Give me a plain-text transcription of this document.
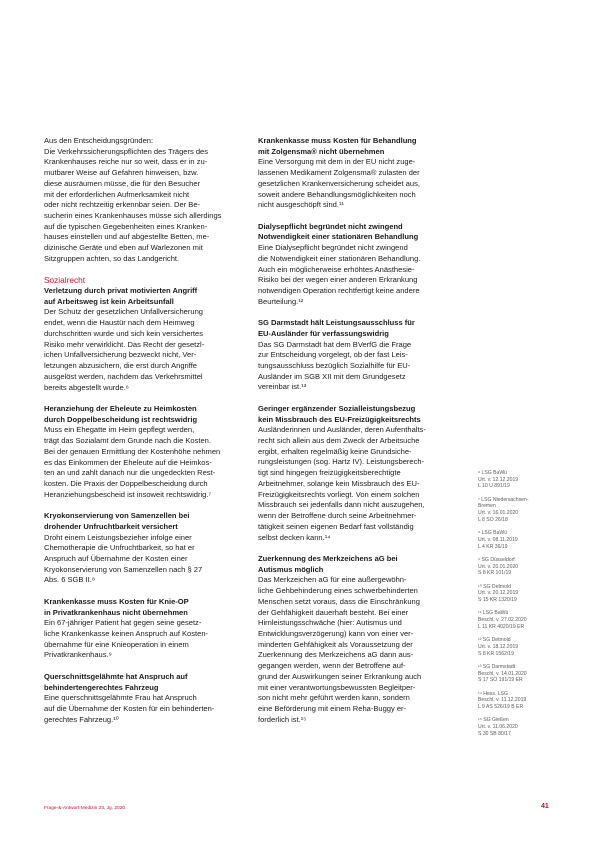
Aus den Entscheidungsgründen:
Die Verkehrssicherungspflichten des Trägers des
Krankenhauses reiche nur so weit, dass er in zu-
mutbarer Weise auf Gefahren hinweisen, bzw.
diese ausräumen müsse, die für den Besucher
mit der erforderlichen Aufmerksamkeit nicht
oder nicht rechtzeitig erkennbar seien. Der Be-
sucherin eines Krankenhauses müsse sich allerdings
auf die typischen Gegebenheiten eines Kranken-
hauses einstellen und auf abgestellte Betten, me-
dizinische Geräte und eben auf Warlezonen mit
Sitzgruppen achten, so das Landgericht.
Sozialrecht
Verletzung durch privat motivierten Angriff
auf Arbeitsweg ist kein Arbeitsunfall
Der Schutz der gesetzlichen Unfallversicherung
endet, wenn die Haustür nach dem Heimweg
durchschritten wurde und sich kein versichertes
Risiko mehr verwirklicht. Das Recht der gesetzl-
ichen Unfallversicherung bezweckt nicht, Ver-
letzungen abzusichern, die erst durch Angriffe
ausgelöst werden, nachdem das Verkehrsmittel
bereits abgestellt wurde.⁶
Heranziehung der Eheleute zu Heimkosten
durch Doppelbescheidung ist rechtswidrig
Muss ein Ehegatte im Heim gepflegt werden,
trägt das Sozialamt dem Grunde nach die Kosten.
Bei der genauen Ermittlung der Kostenhöhe nehmen
es das Einkommen der Eheleute auf die Heimkos-
ten an und zahlt danach nur die ungedeckten Rest-
kosten. Die Praxis der Doppelbescheidung durch
Heranziehungsbescheid ist insoweit rechtswidrig.⁷
Kryokonservierung von Samenzellen bei
drohender Unfruchtbarkeit versichert
Droht einem Leistungsbezieher infolge einer
Chemotherapie die Unfruchtbarkeit, so hat er
Anspruch auf Übernahme der Kosten einer
Kryokonservierung von Samenzellen nach § 27
Abs. 6 SGB II.⁸
Krankenkasse muss Kosten für Knie-OP
in Privatkrankenhaus nicht übernehmen
Ein 67-jähriger Patient hat gegen seine gesetz-
liche Krankenkasse keinen Anspruch auf Kosten-
übernahme für eine Knieoperation in einem
Privatkrankenhaus.⁹
Querschnittsgelähmte hat Anspruch auf
behindertengerechtes Fahrzeug
Eine querschnittsgelähmte Frau hat Anspruch
auf die Übernahme der Kosten für ein behinderten-
gerechtes Fahrzeug.¹⁰
Krankenkasse muss Kosten für Behandlung
mit Zolgensma® nicht übernehmen
Eine Versorgung mit dem in der EU nicht zuge-
lassenen Medikament Zolgensma® zulasten der
gesetzlichen Krankenversicherung scheidet aus,
soweit andere Behandlungsmöglichkeiten noch
nicht ausgeschöpft sind.¹¹
Dialysepflicht begründet nicht zwingend
Notwendigkeit einer stationären Behandlung
Eine Dialysepflicht begründet nicht zwingend
die Notwendigkeit einer stationären Behandlung.
Auch ein möglicherweise erhöhtes Anästhesie-
Risiko bei der wegen einer anderen Erkrankung
notwendigen Operation rechtfertigt keine andere
Beurteilung.¹²
SG Darmstadt hält Leistungsausschluss für
EU-Ausländer für verfassungswidrig
Das SG Darmstadt hat dem BVerfG die Frage
zur Entscheidung vorgelegt, ob der fast Leis-
tungsausschluss bezüglich Sozialhilfe für EU-
Ausländer im SGB XII mit dem Grundgesetz
vereinbar ist.¹³
Geringer ergänzender Sozialleistungsbezug
kein Missbrauch des EU-Freizügigkeitsrechts
Ausländerinnen und Ausländer, deren Aufenthalts-
recht sich allein aus dem Zweck der Arbeitsuche
ergibt, erhalten regelmäßig keine Grundsiche-
rungsleistungen (sog. Hartz IV). Leistungsberech-
tigt sind hingegen freizügigkeitsberechtigte
Arbeitnehmer, solange kein Missbrauch des EU-
Freizügigkeitsrechts vorliegt. Von einem solchen
Missbrauch sei jedenfalls dann nicht auszugehen,
wenn der Betroffene durch seine Arbeitnehmer-
tätigkeit seinen eigenen Bedarf fast vollständig
selbst decken kann.¹⁴
Zuerkennung des Merkzeichens aG bei
Autismus möglich
Das Merkzeichen aG für eine außergewöhn-
liche Gehbehinderung eines schwerbehinderten
Menschen setzt voraus, dass die Einschränkung
der Gehfähigkeit dauerhaft besteht. Bei einer
Hirnleistungsschwäche (hier: Autismus und
Entwicklungsverzögerung) kann von einer ver-
minderten Gehfähigkeit als Voraussetzung der
Zuerkennung des Merkzeichens aG dann aus-
gegangen werden, wenn der Betroffene auf-
grund der Auswirkungen seiner Erkrankung auch
mit einer verantwortungsbewussten Begleitper-
son nicht mehr geführt werden kann, sondern
eine Beförderung mit einem Reha-Buggy er-
forderlich ist.¹⁵
⁶ LSG BaWü
Urt. v. 12.12.2019
L 10 U 891/19

⁷ LSG Niedersachsen-
Bremen
Urt. v. 16.01.2020
L 8 SO 26/18

⁸ LSG BaWü
Urt. v. 08.11.2019
L 4 KR 36/19

⁹ SG Düsseldorf
Urt. v. 20.01.2020
S 8 KR 101/19

¹⁰ SG Detmold
Urt. v. 20.12.2019
S 15 KR 1320/19

¹¹ LSG BaWü
Beschl. v. 27.02.2020
L 11 KR 4020/19 ER

¹² SG Detmold
Urt. v. 18.12.2019
S 8 KR 1562/19

¹³ SG Darmstadt
Beschl. v. 14.01.2020
S 17 SO 191/19 ER

¹⁴ Hess. LSG
Beschl. v. 11.12.2019
L 9 AS 526/19 B ER

¹⁵ SG Gießen
Urt. v. 11.06.2020
S 30 SB 80/17
Frage-&-Antwort-Medizin 23, Jg. 2020	41
